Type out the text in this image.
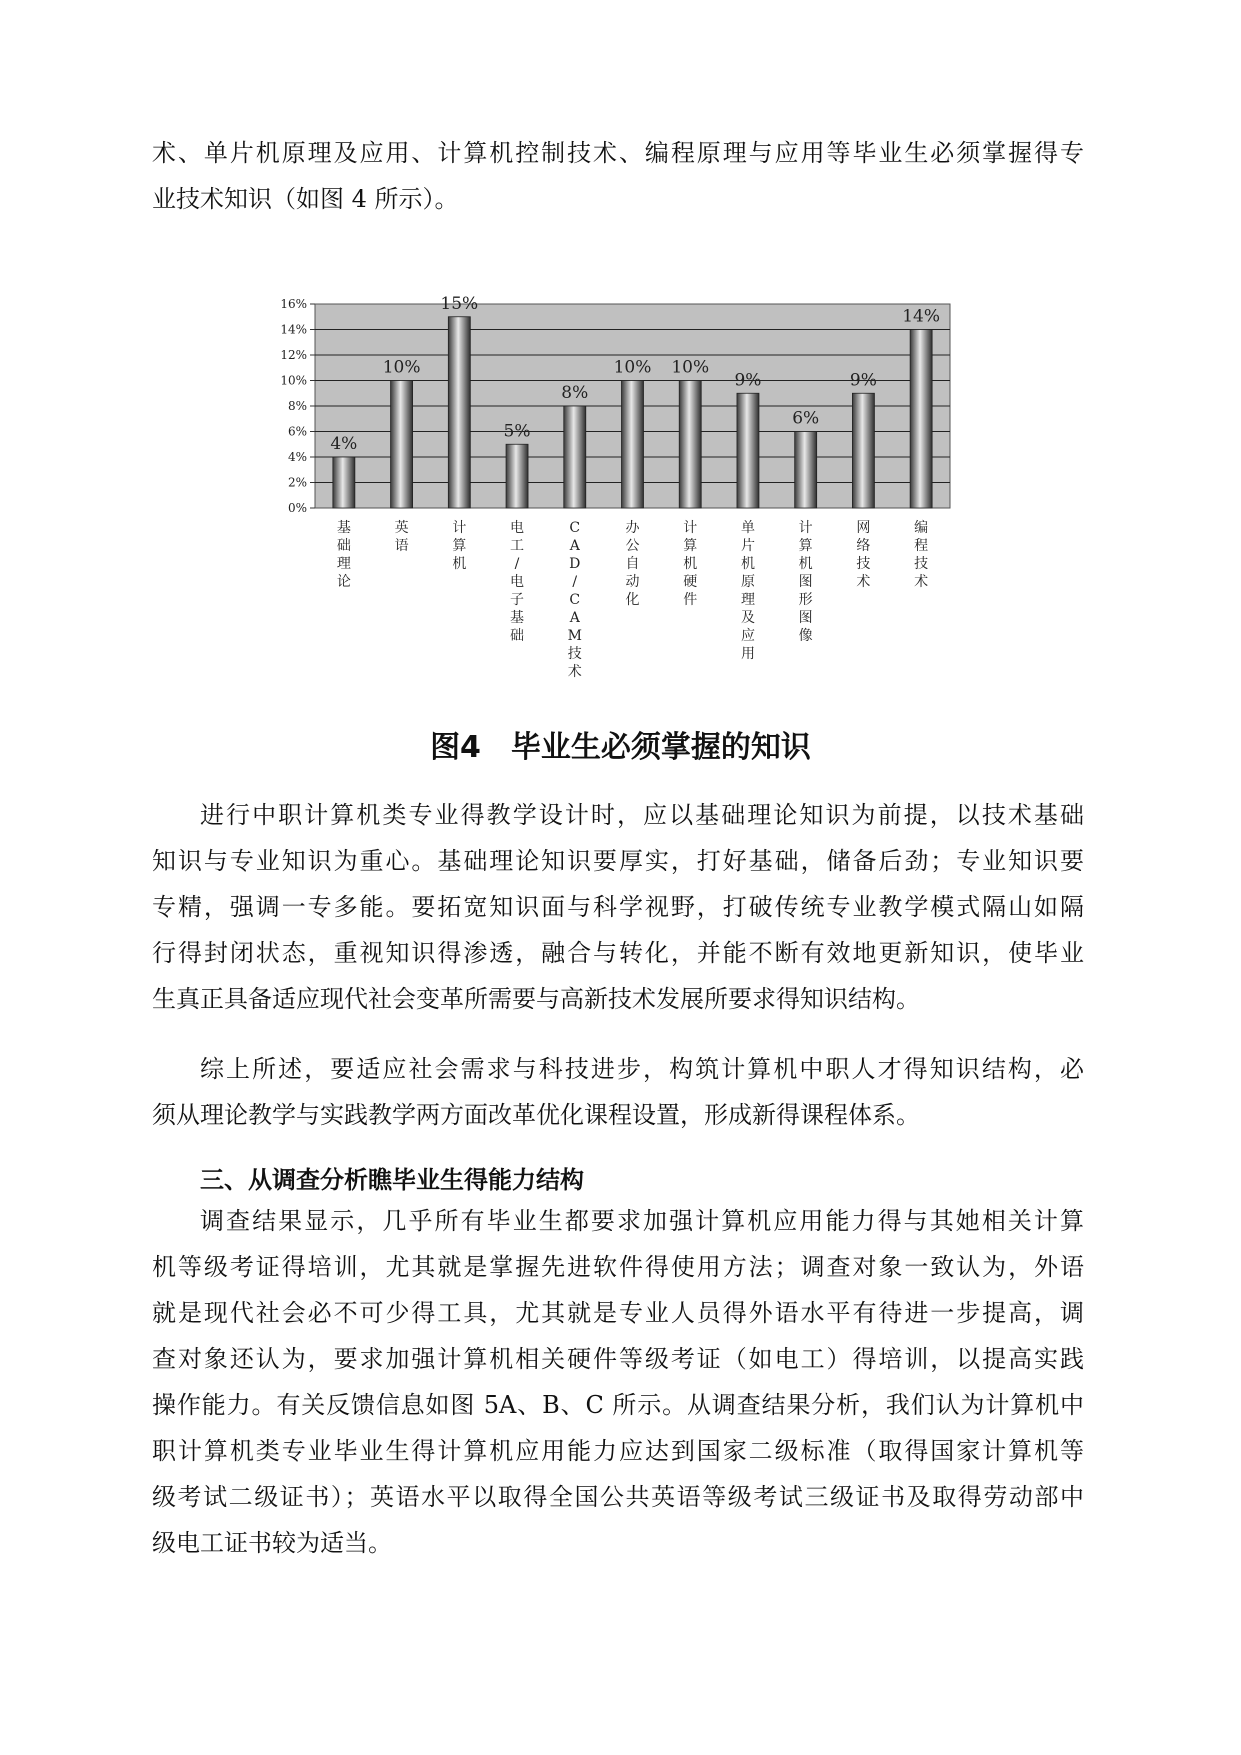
术、单片机原理及应用、计算机控制技术、编程原理与应用等毕业生必须掌握得专
业技术知识（如图 4 所示）。
0%
2%
4%
6%
8%
10%
12%
14%
16%
4%
基础理论
10%
英语
15%
计算机
5%
电工/电子基础
8%
C A D / C A M 技术
10%
办公自动化
10%
计算机硬件
9%
单片机原理及应用
6%
计算机图形图像
9%
网络技术
14%
编程技术

图4　毕业生必须掌握的知识

进行中职计算机类专业得教学设计时，应以基础理论知识为前提，以技术基础
知识与专业知识为重心。基础理论知识要厚实，打好基础，储备后劲；专业知识要
专精，强调一专多能。要拓宽知识面与科学视野，打破传统专业教学模式隔山如隔
行得封闭状态，重视知识得渗透，融合与转化，并能不断有效地更新知识，使毕业
生真正具备适应现代社会变革所需要与高新技术发展所要求得知识结构。
综上所述，要适应社会需求与科技进步，构筑计算机中职人才得知识结构，必
须从理论教学与实践教学两方面改革优化课程设置，形成新得课程体系。

三、从调查分析瞧毕业生得能力结构

调查结果显示，几乎所有毕业生都要求加强计算机应用能力得与其她相关计算
机等级考证得培训，尤其就是掌握先进软件得使用方法；调查对象一致认为，外语
就是现代社会必不可少得工具，尤其就是专业人员得外语水平有待进一步提高，调
查对象还认为，要求加强计算机相关硬件等级考证（如电工）得培训，以提高实践
操作能力。有关反馈信息如图 5A、B、C 所示。从调查结果分析，我们认为计算机中
职计算机类专业毕业生得计算机应用能力应达到国家二级标准（取得国家计算机等
级考试二级证书）；英语水平以取得全国公共英语等级考试三级证书及取得劳动部中
级电工证书较为适当。
